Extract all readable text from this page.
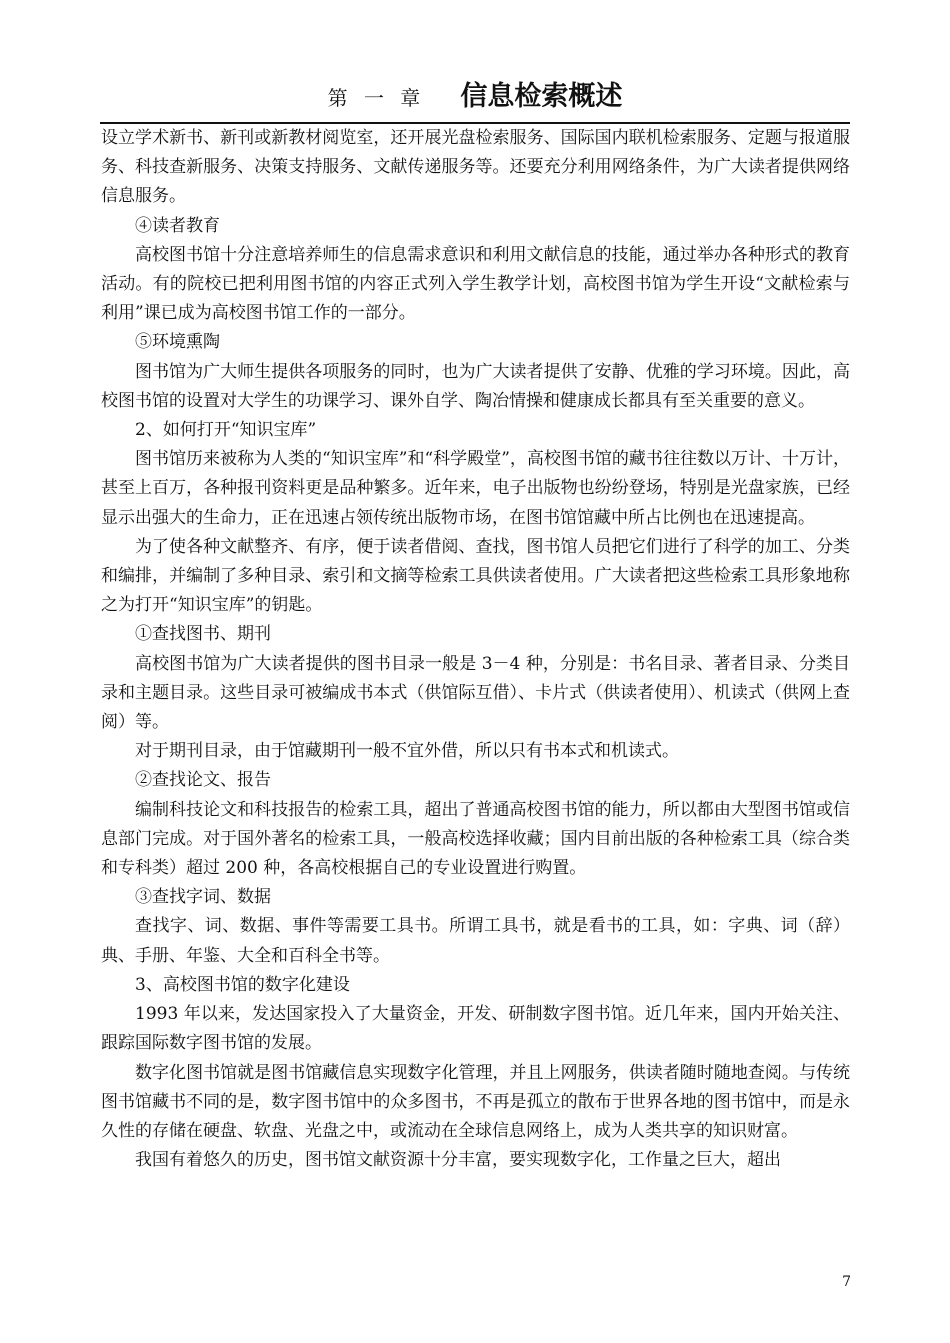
第 一 章 信息检索概述

设立学术新书、新刊或新教材阅览室，还开展光盘检索服务、国际国内联机检索服务、定题与报道服务、科技查新服务、决策支持服务、文献传递服务等。还要充分利用网络条件，为广大读者提供网络信息服务。

④读者教育

高校图书馆十分注意培养师生的信息需求意识和利用文献信息的技能，通过举办各种形式的教育活动。有的院校已把利用图书馆的内容正式列入学生教学计划，高校图书馆为学生开设“文献检索与利用”课已成为高校图书馆工作的一部分。

⑤环境熏陶

图书馆为广大师生提供各项服务的同时，也为广大读者提供了安静、优雅的学习环境。因此，高校图书馆的设置对大学生的功课学习、课外自学、陶冶情操和健康成长都具有至关重要的意义。

2、如何打开“知识宝库”

图书馆历来被称为人类的“知识宝库”和“科学殿堂”，高校图书馆的藏书往往数以万计、十万计，甚至上百万，各种报刊资料更是品种繁多。近年来，电子出版物也纷纷登场，特别是光盘家族，已经显示出强大的生命力，正在迅速占领传统出版物市场，在图书馆馆藏中所占比例也在迅速提高。

为了使各种文献整齐、有序，便于读者借阅、查找，图书馆人员把它们进行了科学的加工、分类和编排，并编制了多种目录、索引和文摘等检索工具供读者使用。广大读者把这些检索工具形象地称之为打开“知识宝库”的钥匙。

①查找图书、期刊

高校图书馆为广大读者提供的图书目录一般是 3－4 种，分别是：书名目录、著者目录、分类目录和主题目录。这些目录可被编成书本式（供馆际互借）、卡片式（供读者使用）、机读式（供网上查阅）等。

对于期刊目录，由于馆藏期刊一般不宜外借，所以只有书本式和机读式。

②查找论文、报告

编制科技论文和科技报告的检索工具，超出了普通高校图书馆的能力，所以都由大型图书馆或信息部门完成。对于国外著名的检索工具，一般高校选择收藏；国内目前出版的各种检索工具（综合类和专科类）超过 200 种，各高校根据自己的专业设置进行购置。

③查找字词、数据

查找字、词、数据、事件等需要工具书。所谓工具书，就是看书的工具，如：字典、词（辞）典、手册、年鉴、大全和百科全书等。

3、高校图书馆的数字化建设

1993 年以来，发达国家投入了大量资金，开发、研制数字图书馆。近几年来，国内开始关注、跟踪国际数字图书馆的发展。

数字化图书馆就是图书馆藏信息实现数字化管理，并且上网服务，供读者随时随地查阅。与传统图书馆藏书不同的是，数字图书馆中的众多图书，不再是孤立的散布于世界各地的图书馆中，而是永久性的存储在硬盘、软盘、光盘之中，或流动在全球信息网络上，成为人类共享的知识财富。

我国有着悠久的历史，图书馆文献资源十分丰富，要实现数字化，工作量之巨大，超出

7
